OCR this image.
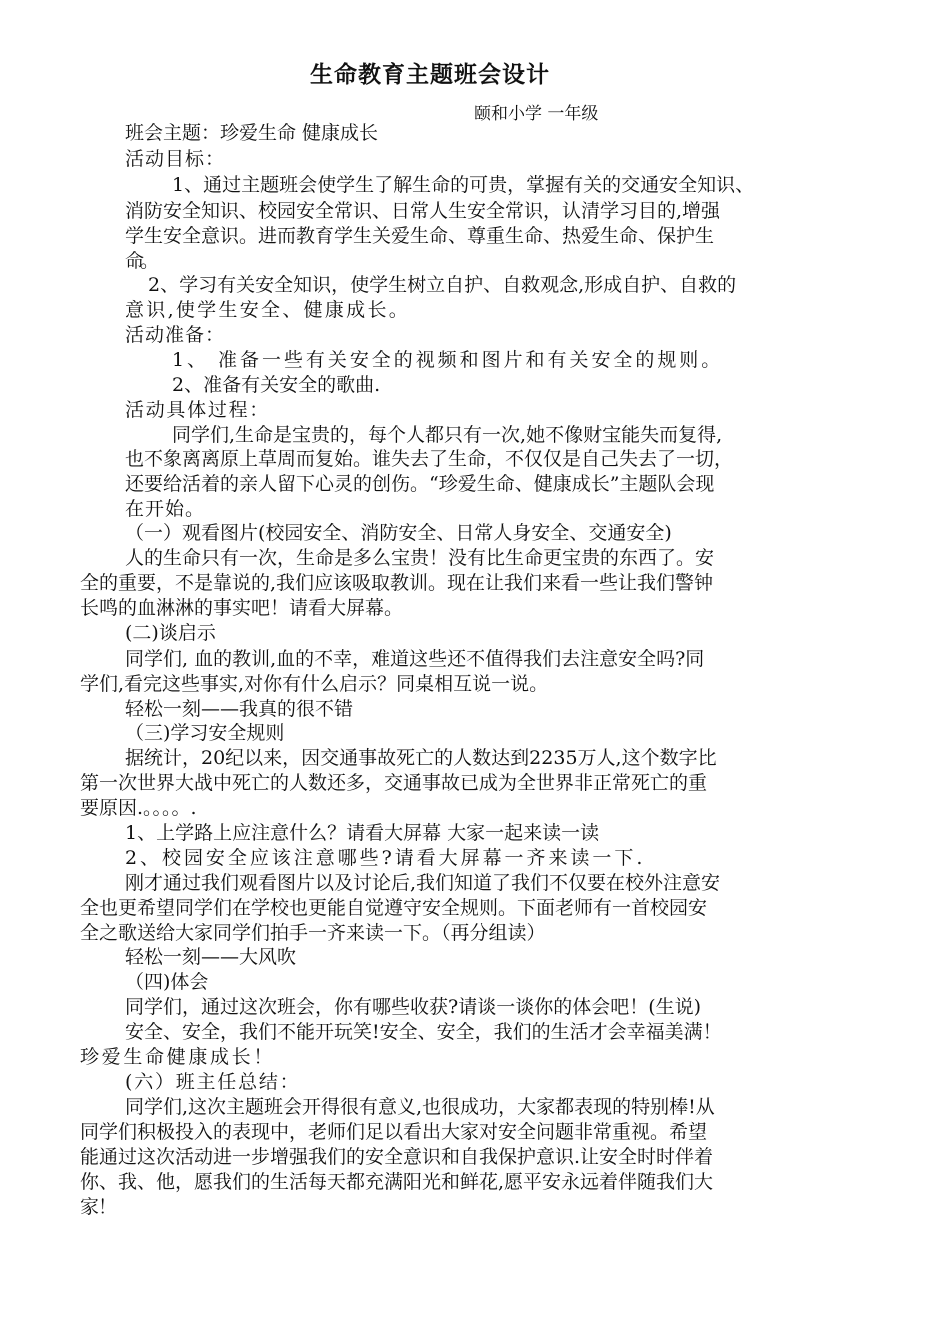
生命教育主题班会设计
颐和小学 一年级
班会主题：珍爱生命 健康成长
活动目标：
1、通过主题班会使学生了解生命的可贵，掌握有关的交通安全知识、
消防安全知识、校园安全常识、日常人生安全常识，认清学习目的,增强
学生安全意识。进而教育学生关爱生命、尊重生命、热爱生命、保护生
命。
2、学习有关安全知识，使学生树立自护、自救观念,形成自护、自救的
意识,使学生安全、健康成长。
活动准备：
1、 准备一些有关安全的视频和图片和有关安全的规则。
2、准备有关安全的歌曲.
活动具体过程：
同学们,生命是宝贵的，每个人都只有一次,她不像财宝能失而复得,
也不象离离原上草周而复始。谁失去了生命，不仅仅是自己失去了一切，
还要给活着的亲人留下心灵的创伤。“珍爱生命、健康成长”主题队会现
在开始。
（一）观看图片(校园安全、消防安全、日常人身安全、交通安全)
人的生命只有一次，生命是多么宝贵！没有比生命更宝贵的东西了。安
全的重要，不是靠说的,我们应该吸取教训。现在让我们来看一些让我们警钟
长鸣的血淋淋的事实吧！请看大屏幕。
(二)谈启示
同学们, 血的教训,血的不幸，难道这些还不值得我们去注意安全吗?同
学们,看完这些事实,对你有什么启示？同桌相互说一说。
轻松一刻——我真的很不错
（三)学习安全规则
据统计，20纪以来，因交通事故死亡的人数达到2235万人,这个数字比
第一次世界大战中死亡的人数还多，交通事故已成为全世界非正常死亡的重
要原因.。。。。.
1、上学路上应注意什么？请看大屏幕 大家一起来读一读
2、校园安全应该注意哪些?请看大屏幕一齐来读一下.
刚才通过我们观看图片以及讨论后,我们知道了我们不仅要在校外注意安
全也更希望同学们在学校也更能自觉遵守安全规则。下面老师有一首校园安
全之歌送给大家同学们拍手一齐来读一下。（再分组读）
轻松一刻——大风吹
（四)体会
同学们，通过这次班会，你有哪些收获?请谈一谈你的体会吧！(生说)
安全、安全，我们不能开玩笑!安全、安全，我们的生活才会幸福美满！
珍爱生命健康成长！
(六）班主任总结：
同学们,这次主题班会开得很有意义,也很成功，大家都表现的特别棒!从
同学们积极投入的表现中，老师们足以看出大家对安全问题非常重视。希望
能通过这次活动进一步增强我们的安全意识和自我保护意识.让安全时时伴着
你、我、他，愿我们的生活每天都充满阳光和鲜花,愿平安永远着伴随我们大
家！
